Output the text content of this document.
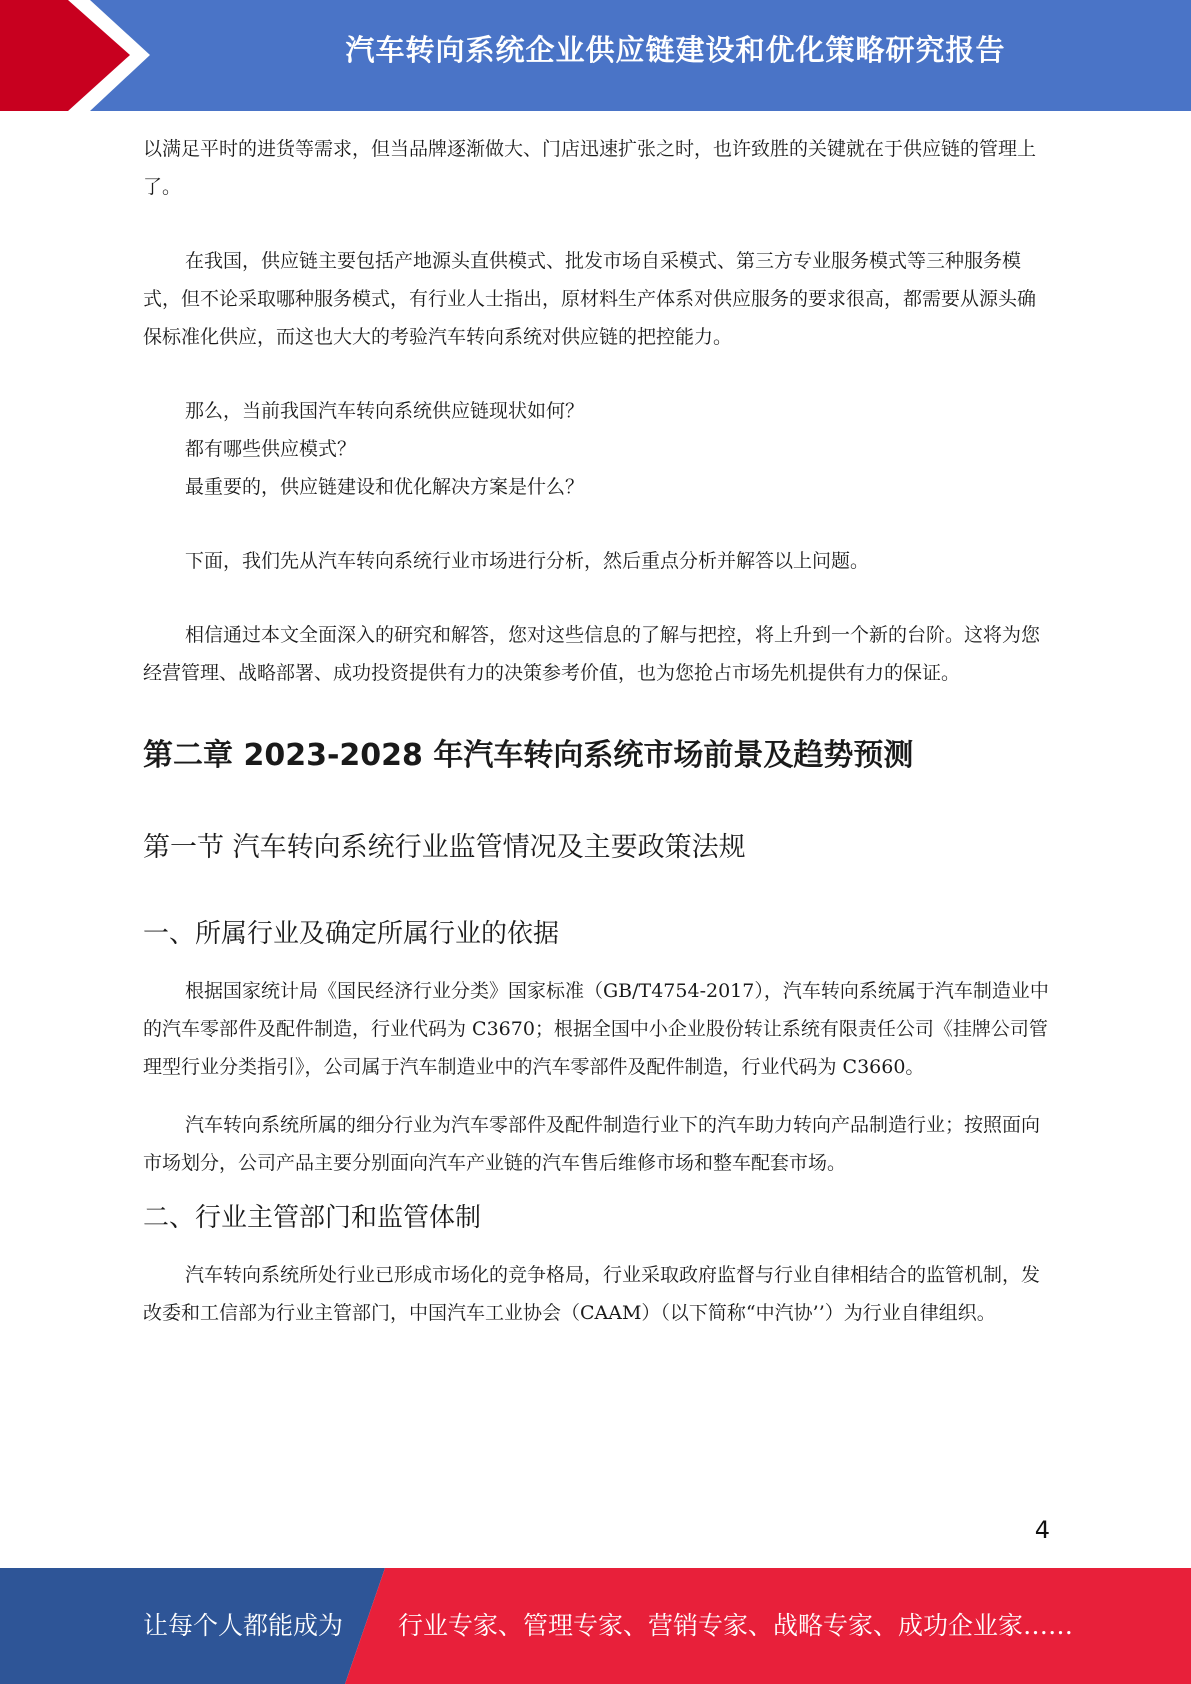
汽车转向系统企业供应链建设和优化策略研究报告

以满足平时的进货等需求，但当品牌逐渐做大、门店迅速扩张之时，也许致胜的关键就在于供应链的管理上了。

在我国，供应链主要包括产地源头直供模式、批发市场自采模式、第三方专业服务模式等三种服务模式，但不论采取哪种服务模式，有行业人士指出，原材料生产体系对供应服务的要求很高，都需要从源头确保标准化供应，而这也大大的考验汽车转向系统对供应链的把控能力。

那么，当前我国汽车转向系统供应链现状如何？

都有哪些供应模式？

最重要的，供应链建设和优化解决方案是什么？

下面，我们先从汽车转向系统行业市场进行分析，然后重点分析并解答以上问题。

相信通过本文全面深入的研究和解答，您对这些信息的了解与把控，将上升到一个新的台阶。这将为您经营管理、战略部署、成功投资提供有力的决策参考价值，也为您抢占市场先机提供有力的保证。

第二章 2023-2028 年汽车转向系统市场前景及趋势预测
第一节 汽车转向系统行业监管情况及主要政策法规
一、所属行业及确定所属行业的依据

根据国家统计局《国民经济行业分类》国家标准（GB/T4754-2017），汽车转向系统属于汽车制造业中的汽车零部件及配件制造，行业代码为 C3670；根据全国中小企业股份转让系统有限责任公司《挂牌公司管理型行业分类指引》，公司属于汽车制造业中的汽车零部件及配件制造，行业代码为 C3660。

汽车转向系统所属的细分行业为汽车零部件及配件制造行业下的汽车助力转向产品制造行业；按照面向市场划分，公司产品主要分别面向汽车产业链的汽车售后维修市场和整车配套市场。

二、行业主管部门和监管体制

汽车转向系统所处行业已形成市场化的竞争格局，行业采取政府监督与行业自律相结合的监管机制，发改委和工信部为行业主管部门，中国汽车工业协会（CAAM）（以下简称“中汽协’’）为行业自律组织。

4
让每个人都能成为 行业专家、管理专家、营销专家、战略专家、成功企业家……
